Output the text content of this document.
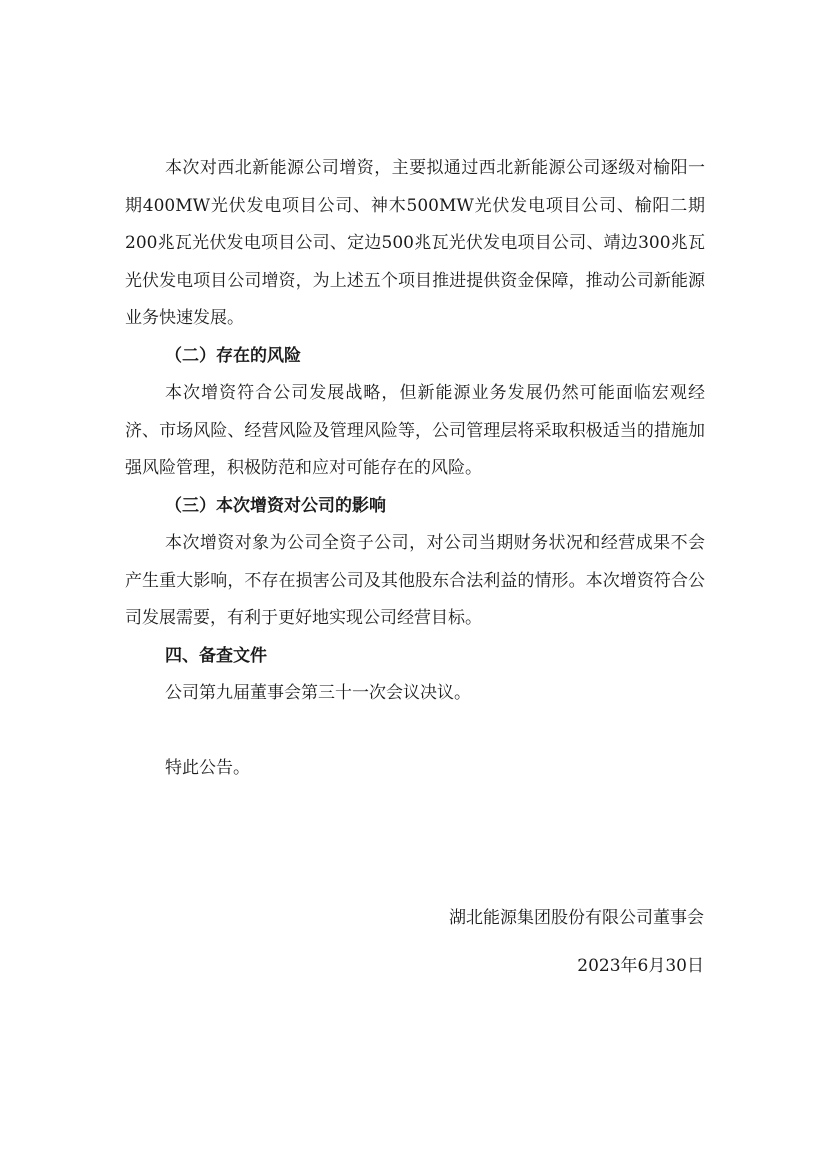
本次对西北新能源公司增资，主要拟通过西北新能源公司逐级对榆阳一期400MW光伏发电项目公司、神木500MW光伏发电项目公司、榆阳二期200兆瓦光伏发电项目公司、定边500兆瓦光伏发电项目公司、靖边300兆瓦光伏发电项目公司增资，为上述五个项目推进提供资金保障，推动公司新能源业务快速发展。

（二）存在的风险

本次增资符合公司发展战略，但新能源业务发展仍然可能面临宏观经济、市场风险、经营风险及管理风险等，公司管理层将采取积极适当的措施加强风险管理，积极防范和应对可能存在的风险。

（三）本次增资对公司的影响

本次增资对象为公司全资子公司，对公司当期财务状况和经营成果不会产生重大影响，不存在损害公司及其他股东合法利益的情形。本次增资符合公司发展需要，有利于更好地实现公司经营目标。

四、备查文件

公司第九届董事会第三十一次会议决议。

特此公告。

湖北能源集团股份有限公司董事会
2023年6月30日
